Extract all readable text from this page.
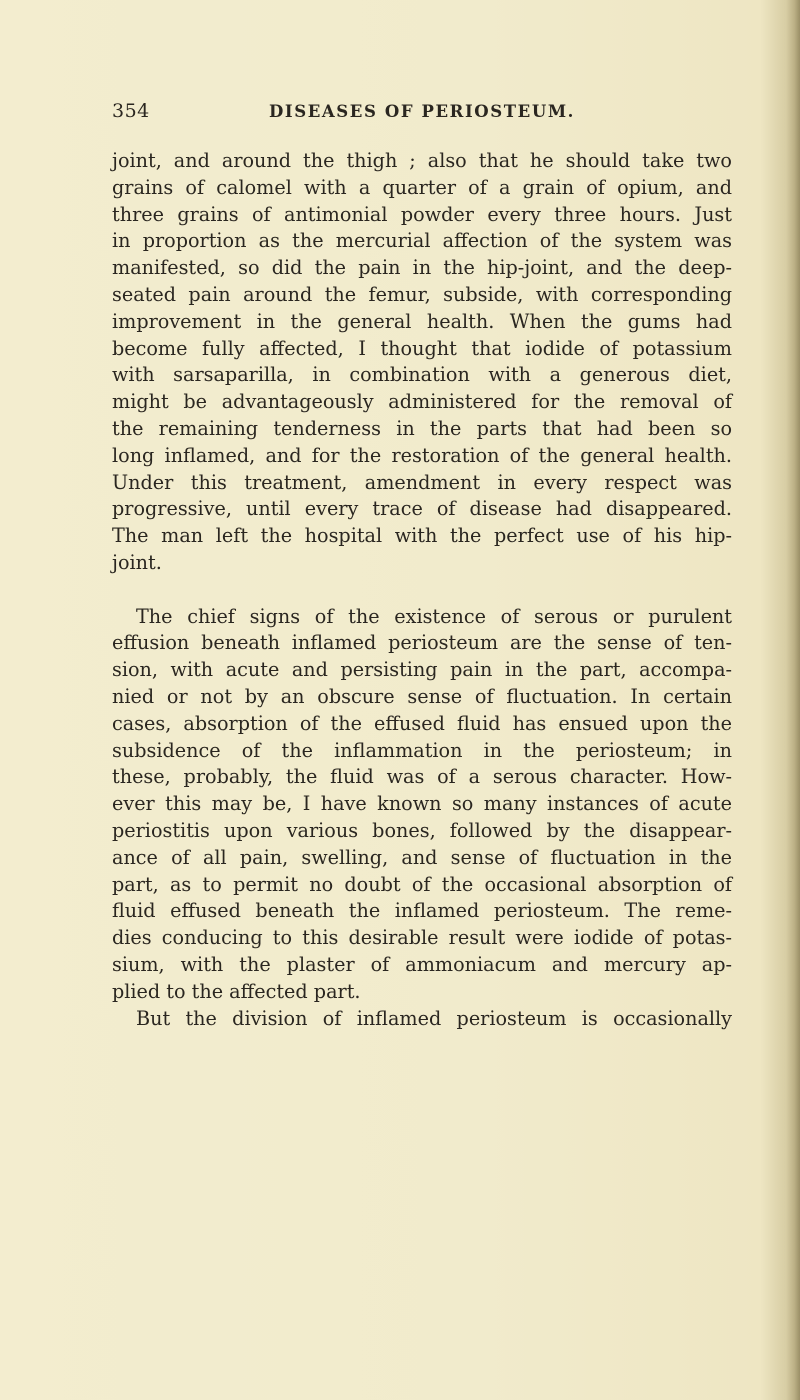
354	DISEASES OF PERIOSTEUM.
joint, and around the thigh ; also that he should take two
grains of calomel with a quarter of a grain of opium, and
three grains of antimonial powder every three hours. Just
in proportion as the mercurial affection of the system was
manifested, so did the pain in the hip-joint, and the deep-
seated pain around the femur, subside, with corresponding
improvement in the general health. When the gums had
become fully affected, I thought that iodide of potassium
with sarsaparilla, in combination with a generous diet,
might be advantageously administered for the removal of
the remaining tenderness in the parts that had been so
long inflamed, and for the restoration of the general health.
Under this treatment, amendment in every respect was
progressive, until every trace of disease had disappeared.
The man left the hospital with the perfect use of his hip-
joint.
The chief signs of the existence of serous or purulent
effusion beneath inflamed periosteum are the sense of ten-
sion, with acute and persisting pain in the part, accompa-
nied or not by an obscure sense of fluctuation. In certain
cases, absorption of the effused fluid has ensued upon the
subsidence of the inflammation in the periosteum; in
these, probably, the fluid was of a serous character. How-
ever this may be, I have known so many instances of acute
periostitis upon various bones, followed by the disappear-
ance of all pain, swelling, and sense of fluctuation in the
part, as to permit no doubt of the occasional absorption of
fluid effused beneath the inflamed periosteum. The reme-
dies conducing to this desirable result were iodide of potas-
sium, with the plaster of ammoniacum and mercury ap-
plied to the affected part.
But the division of inflamed periosteum is occasionally
